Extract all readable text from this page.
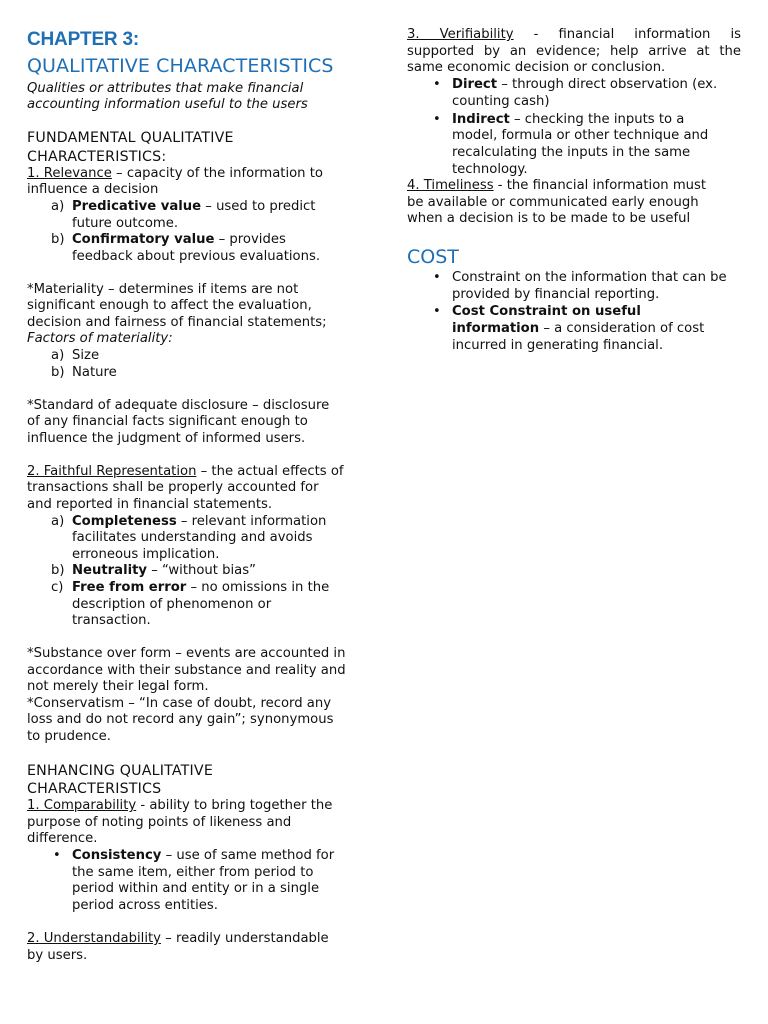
CHAPTER 3:
QUALITATIVE CHARACTERISTICS
Qualities or attributes that make financial
accounting information useful to the users
FUNDAMENTAL QUALITATIVE
CHARACTERISTICS:
1. Relevance – capacity of the information to
influence a decision
a) Predicative value – used to predict
future outcome.
b) Confirmatory value – provides
feedback about previous evaluations.
*Materiality – determines if items are not
significant enough to affect the evaluation,
decision and fairness of financial statements;
Factors of materiality:
a) Size
b) Nature
*Standard of adequate disclosure – disclosure
of any financial facts significant enough to
influence the judgment of informed users.
2. Faithful Representation – the actual effects of
transactions shall be properly accounted for
and reported in financial statements.
a) Completeness – relevant information
facilitates understanding and avoids
erroneous implication.
b) Neutrality – “without bias”
c) Free from error – no omissions in the
description of phenomenon or
transaction.
*Substance over form – events are accounted in
accordance with their substance and reality and
not merely their legal form.
*Conservatism – “In case of doubt, record any
loss and do not record any gain”; synonymous
to prudence.
ENHANCING QUALITATIVE
CHARACTERISTICS
1. Comparability - ability to bring together the
purpose of noting points of likeness and
difference.
• Consistency – use of same method for
the same item, either from period to
period within and entity or in a single
period across entities.
2. Understandability – readily understandable
by users.
3. Verifiability - financial information is
supported by an evidence; help arrive at the
same economic decision or conclusion.
• Direct – through direct observation (ex.
counting cash)
• Indirect – checking the inputs to a
model, formula or other technique and
recalculating the inputs in the same
technology.
4. Timeliness - the financial information must
be available or communicated early enough
when a decision is to be made to be useful
COST
• Constraint on the information that can be
provided by financial reporting.
• Cost Constraint on useful
information – a consideration of cost
incurred in generating financial.
